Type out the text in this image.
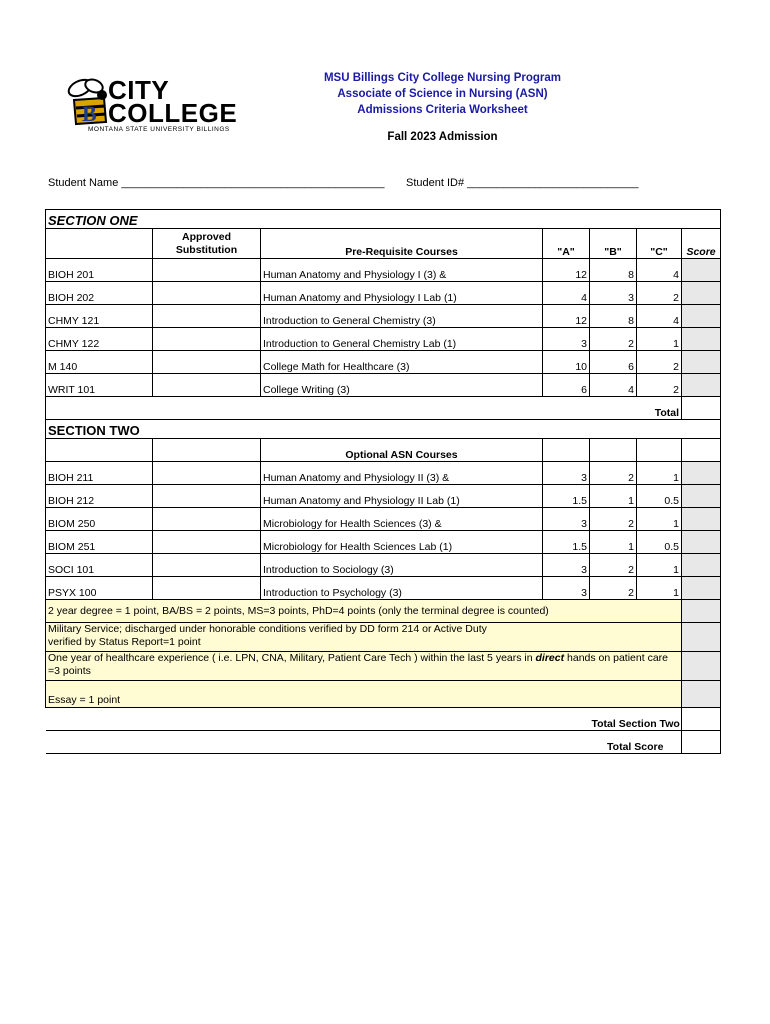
B
CITY
COLLEGE
MONTANA STATE UNIVERSITY BILLINGS
MSU Billings City College Nursing Program
Associate of Science in Nursing (ASN)
Admissions Criteria Worksheet
Fall 2023 Admission
Student Name ___________________________________________ Student ID# ____________________________
SECTION ONE						
	Approved Substitution	Pre-Requisite Courses	"A"	"B"	"C"	Score
BIOH 201		Human Anatomy and Physiology I (3) &	12	8	4	
BIOH 202		Human Anatomy and Physiology I Lab (1)	4	3	2	
CHMY 121		Introduction to General Chemistry (3)	12	8	4	
CHMY 122		Introduction to General Chemistry Lab (1)	3	2	1	
M 140		College Math for Healthcare (3)	10	6	2	
WRIT 101		College Writing (3)	6	4	2	
					Total	
SECTION TWO						
		Optional ASN Courses				
BIOH 211		Human Anatomy and Physiology II (3) &	3	2	1	
BIOH 212		Human Anatomy and Physiology II Lab (1)	1.5	1	0.5	
BIOM 250		Microbiology for Health Sciences (3) &	3	2	1	
BIOM 251		Microbiology for Health Sciences Lab (1)	1.5	1	0.5	
SOCI 101		Introduction to Sociology (3)	3	2	1	
PSYX 100		Introduction to Psychology (3)	3	2	1	
2 year degree = 1 point, BA/BS = 2 points, MS=3 points, PhD=4 points (only the terminal degree is counted)						

Military Service; discharged under honorable conditions verified by DD form 214 or Active Duty
verified by Status Report=1 point						

One year of healthcare experience ( i.e. LPN, CNA, Military, Patient Care Tech ) within the last 5 years in direct hands on patient care =3 points						
Essay = 1 point						
				Total Section Two		
				Total Score		
